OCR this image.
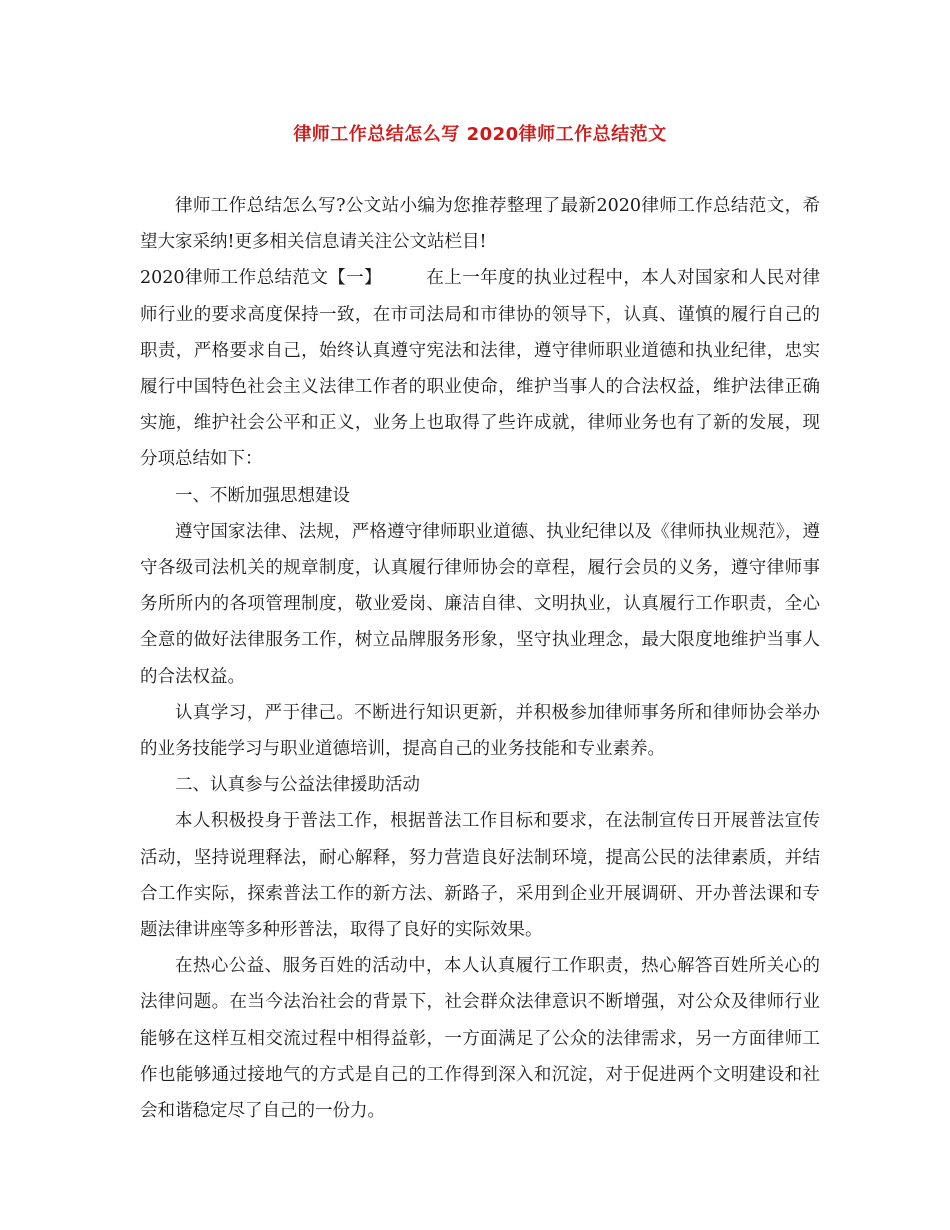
律师工作总结怎么写 2020律师工作总结范文

律师工作总结怎么写?公文站小编为您推荐整理了最新2020律师工作总结范文，希望大家采纳!更多相关信息请关注公文站栏目!

2020律师工作总结范文【一】	在上一年度的执业过程中，本人对国家和人民对律师行业的要求高度保持一致，在市司法局和市律协的领导下，认真、谨慎的履行自己的职责，严格要求自己，始终认真遵守宪法和法律，遵守律师职业道德和执业纪律，忠实履行中国特色社会主义法律工作者的职业使命，维护当事人的合法权益，维护法律正确实施，维护社会公平和正义，业务上也取得了些许成就，律师业务也有了新的发展，现分项总结如下：

一、不断加强思想建设

遵守国家法律、法规，严格遵守律师职业道德、执业纪律以及《律师执业规范》，遵守各级司法机关的规章制度，认真履行律师协会的章程，履行会员的义务，遵守律师事务所所内的各项管理制度，敬业爱岗、廉洁自律、文明执业，认真履行工作职责，全心全意的做好法律服务工作，树立品牌服务形象，坚守执业理念，最大限度地维护当事人的合法权益。

认真学习，严于律己。不断进行知识更新，并积极参加律师事务所和律师协会举办的业务技能学习与职业道德培训，提高自己的业务技能和专业素养。

二、认真参与公益法律援助活动

本人积极投身于普法工作，根据普法工作目标和要求，在法制宣传日开展普法宣传活动，坚持说理释法，耐心解释，努力营造良好法制环境，提高公民的法律素质，并结合工作实际，探索普法工作的新方法、新路子，采用到企业开展调研、开办普法课和专题法律讲座等多种形普法，取得了良好的实际效果。

在热心公益、服务百姓的活动中，本人认真履行工作职责，热心解答百姓所关心的法律问题。在当今法治社会的背景下，社会群众法律意识不断增强，对公众及律师行业能够在这样互相交流过程中相得益彰，一方面满足了公众的法律需求，另一方面律师工作也能够通过接地气的方式是自己的工作得到深入和沉淀，对于促进两个文明建设和社会和谐稳定尽了自己的一份力。
